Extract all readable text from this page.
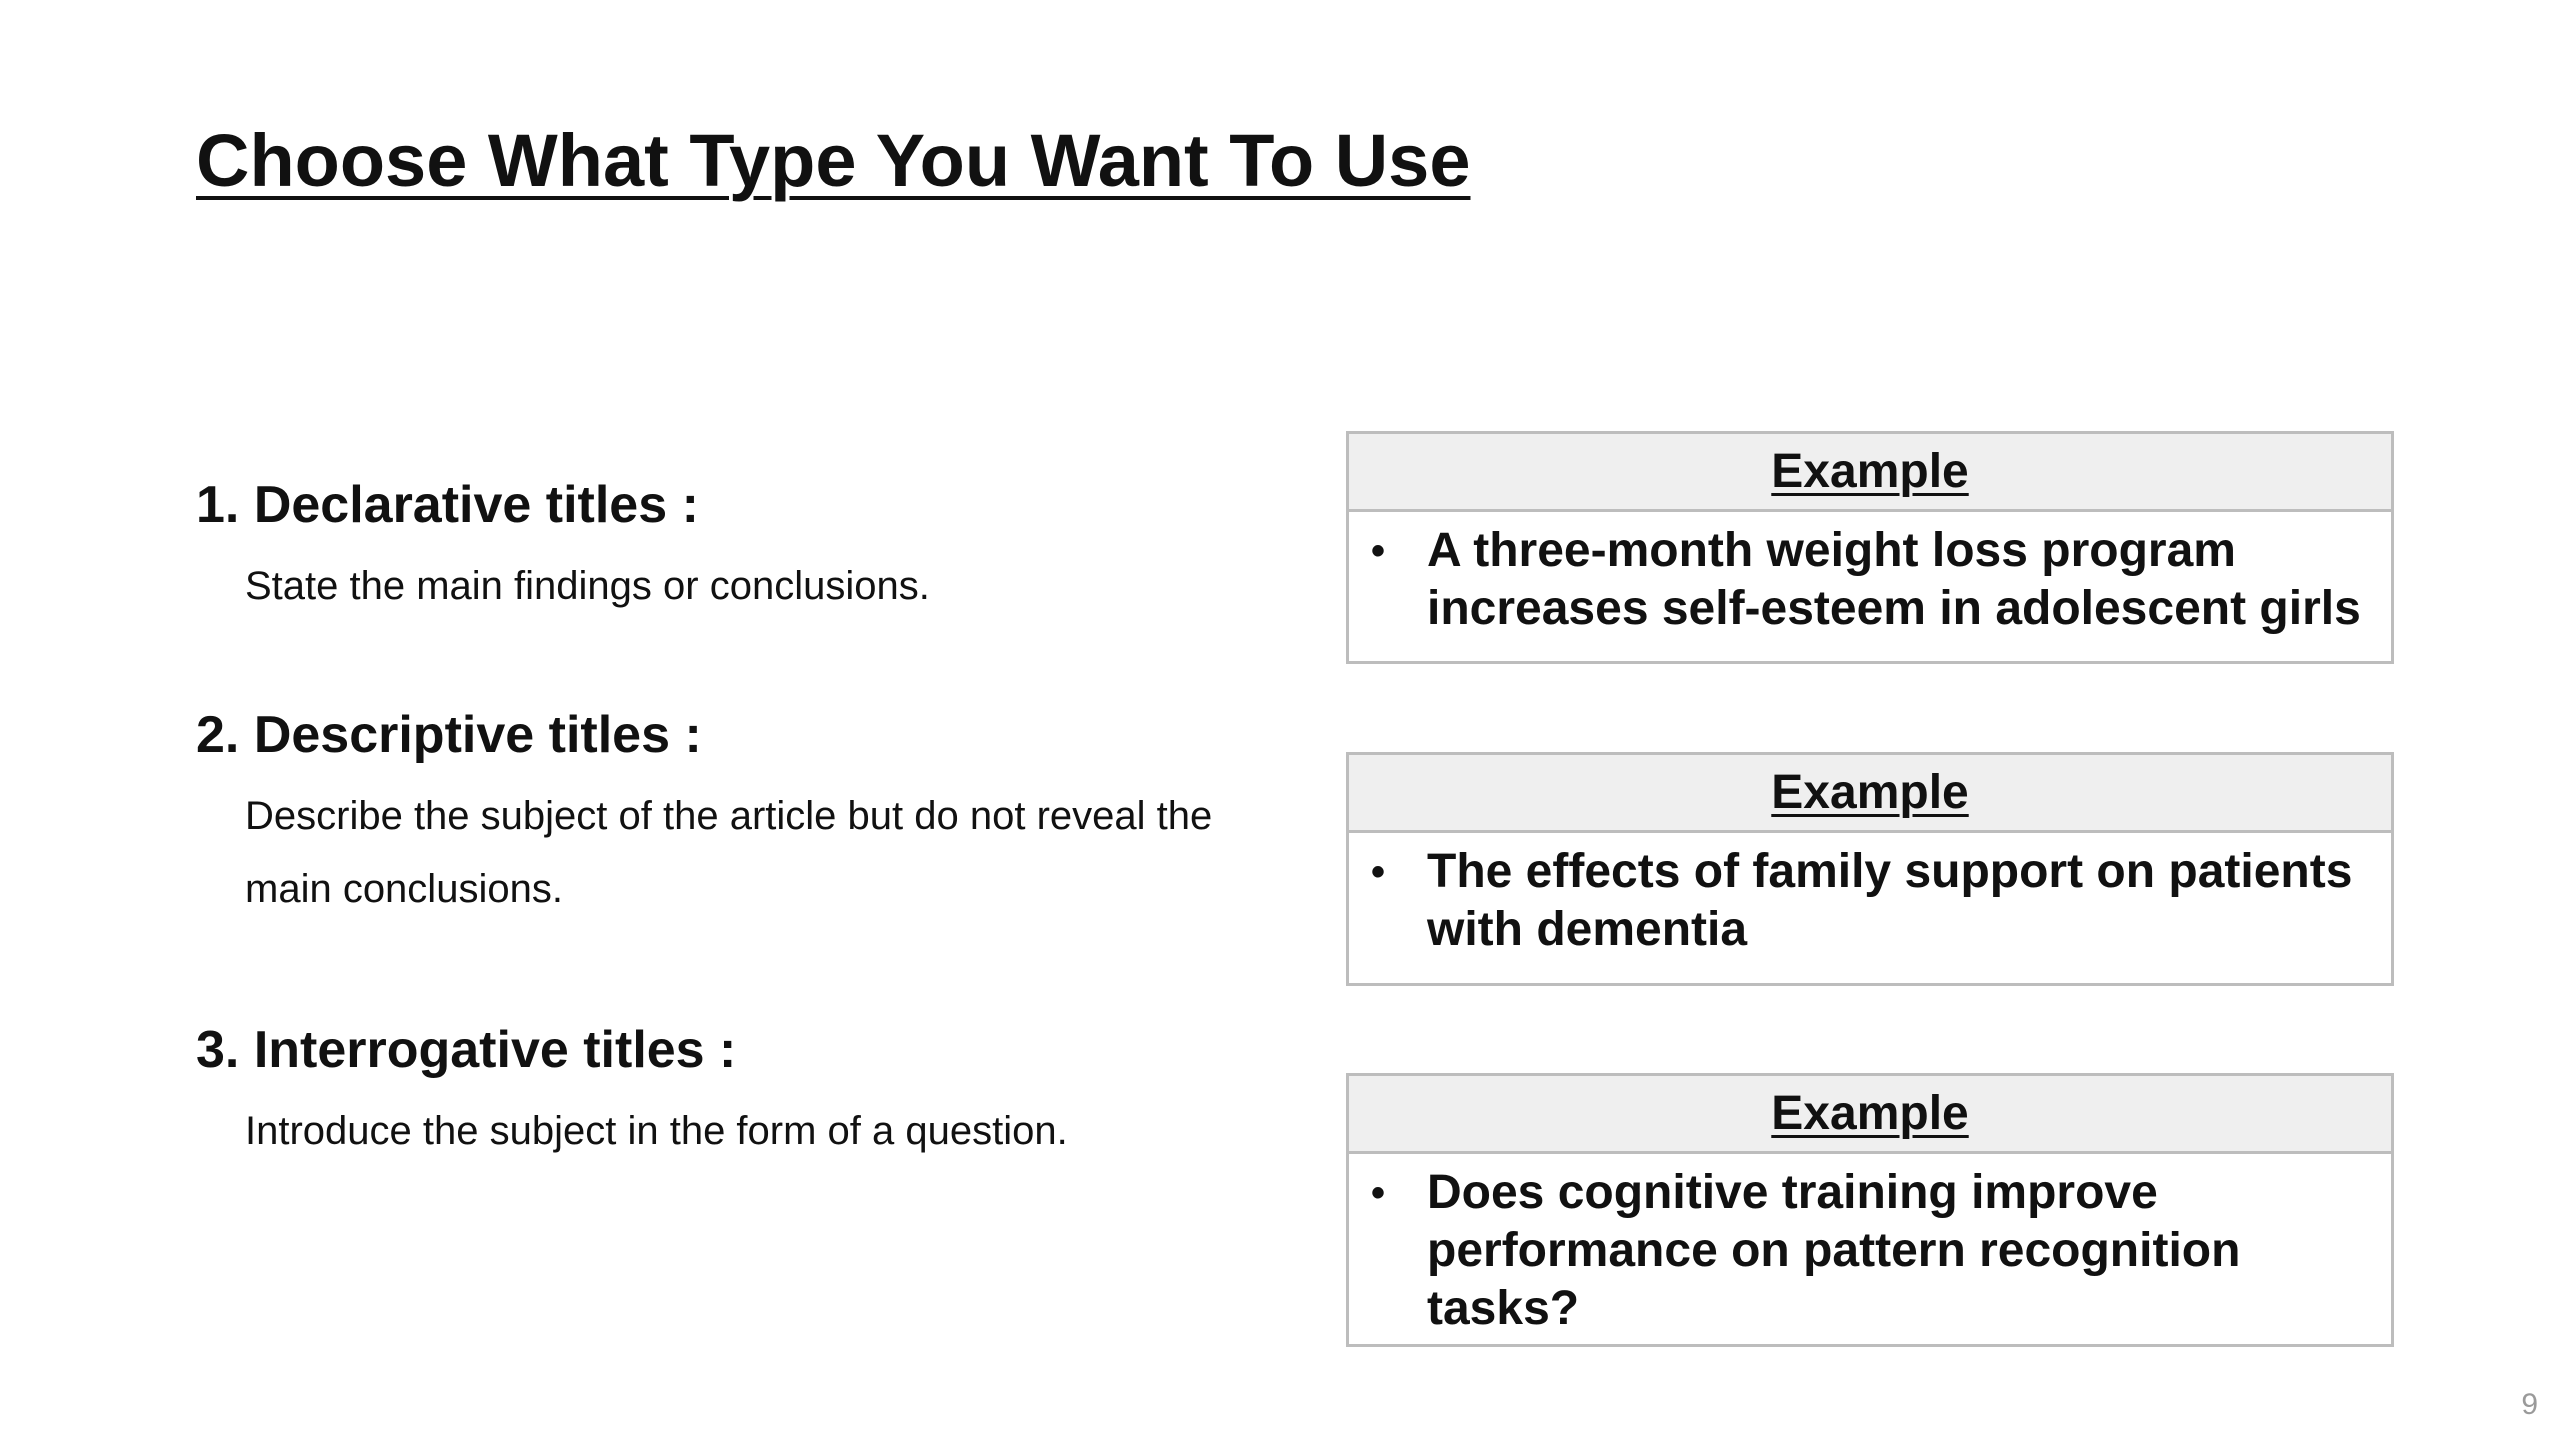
Choose What Type You Want To Use
1. Declarative titles :

State the main findings or conclusions.

2. Descriptive titles :

Describe the subject of the article but do not reveal the main conclusions.

3. Interrogative titles :

Introduce the subject in the form of a question.

Example
• A three-month weight loss program increases self-esteem in adolescent girls
Example
• The effects of family support on patients with dementia
Example
• Does cognitive training improve performance on pattern recognition tasks?
9
